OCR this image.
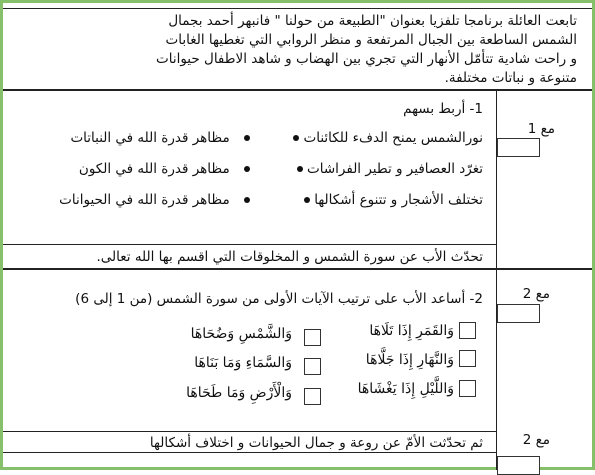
تابعت العائلة برنامجا تلفزيا بعنوان "الطبيعة من حولنا " فانبهر أحمد بجمال
الشمس الساطعة بين الجبال المرتفعة و منظر الروابي التي تغطيها الغابات
و راحت شادية تتأمّل الأنهار التي تجري بين الهضاب و شاهد الاطفال حيوانات
متنوعة و نباتات مختلفة.
مع 1
1- أربط بسهم
نورالشمس يمنح الدفء للكائنات
تغرّد العصافير و تطير الفراشات
تختلف الأشجار و تتنوع أشكالها
مظاهر قدرة الله في النباتات
مظاهر قدرة الله في الكون
مظاهر قدرة الله في الحيوانات
تحدّث الأب عن سورة الشمس و المخلوقات التي اقسم بها الله تعالى.
مع 2
2- أساعد الأب على ترتيب الآيات الأولى من سورة الشمس (من 1 إلى 6)
وَالقَمَرِ إِذَا تَلَاهَا
وَالنَّهَارِ إِذَا جَلَّاهَا
وَاللَّيْلِ إِذَا يَغْشَاهَا
وَالشَّمْسِ وَضُحَاهَا
وَالسَّمَاءِ وَمَا بَنَاهَا
وَالْأَرْضِ وَمَا طَحَاهَا
مع 2
ثم تحدّثت الأمّ عن روعة و جمال الحيوانات و اختلاف أشكالها
